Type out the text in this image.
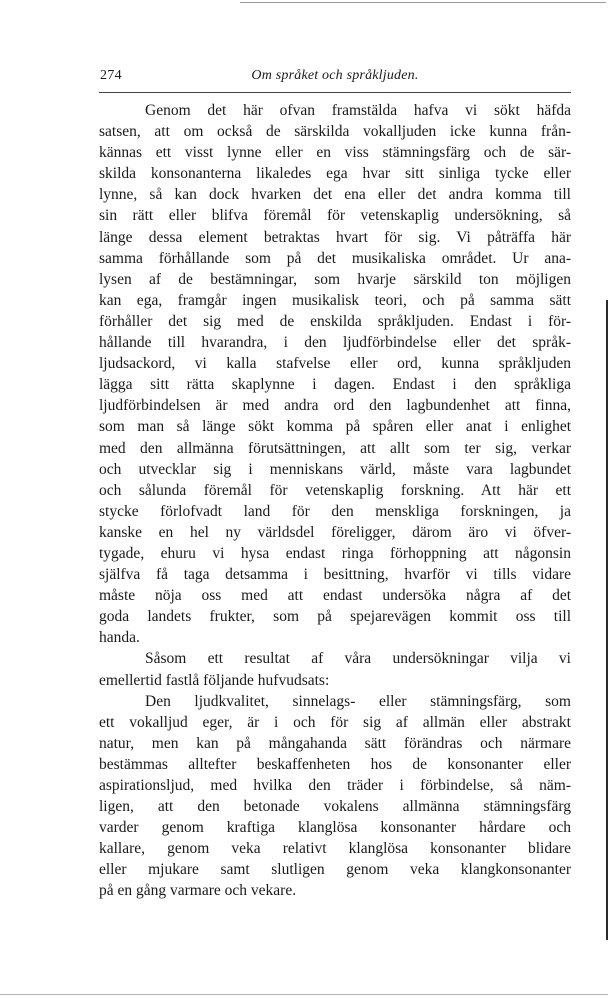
274	Om språket och språkljuden.
Genom det här ofvan framstälda hafva vi sökt häfda
satsen, att om också de särskilda vokalljuden icke kunna från-
kännas ett visst lynne eller en viss stämningsfärg och de sär-
skilda konsonanterna likaledes ega hvar sitt sinliga tycke eller
lynne, så kan dock hvarken det ena eller det andra komma till
sin rätt eller blifva föremål för vetenskaplig undersökning, så
länge dessa element betraktas hvart för sig. Vi påträffa här
samma förhållande som på det musikaliska området. Ur ana-
lysen af de bestämningar, som hvarje särskild ton möjligen
kan ega, framgår ingen musikalisk teori, och på samma sätt
förhåller det sig med de enskilda språkljuden. Endast i för-
hållande till hvarandra, i den ljudförbindelse eller det språk-
ljudsackord, vi kalla stafvelse eller ord, kunna språkljuden
lägga sitt rätta skaplynne i dagen. Endast i den språkliga
ljudförbindelsen är med andra ord den lagbundenhet att finna,
som man så länge sökt komma på spåren eller anat i enlighet
med den allmänna förutsättningen, att allt som ter sig, verkar
och utvecklar sig i menniskans värld, måste vara lagbundet
och sålunda föremål för vetenskaplig forskning. Att här ett
stycke förlofvadt land för den menskliga forskningen, ja
kanske en hel ny världsdel föreligger, därom äro vi öfver-
tygade, ehuru vi hysa endast ringa förhoppning att någonsin
själfva få taga detsamma i besittning, hvarför vi tills vidare
måste nöja oss med att endast undersöka några af det
goda landets frukter, som på spejarevägen kommit oss till
handa.
Såsom ett resultat af våra undersökningar vilja vi
emellertid fastlå följande hufvudsats:
Den ljudkvalitet, sinnelags- eller stämningsfärg, som
ett vokalljud eger, är i och för sig af allmän eller abstrakt
natur, men kan på mångahanda sätt förändras och närmare
bestämmas alltefter beskaffenheten hos de konsonanter eller
aspirationsljud, med hvilka den träder i förbindelse, så näm-
ligen, att den betonade vokalens allmänna stämningsfärg
varder genom kraftiga klanglösa konsonanter hårdare och
kallare, genom veka relativt klanglösa konsonanter blidare
eller mjukare samt slutligen genom veka klangkonsonanter
på en gång varmare och vekare.
